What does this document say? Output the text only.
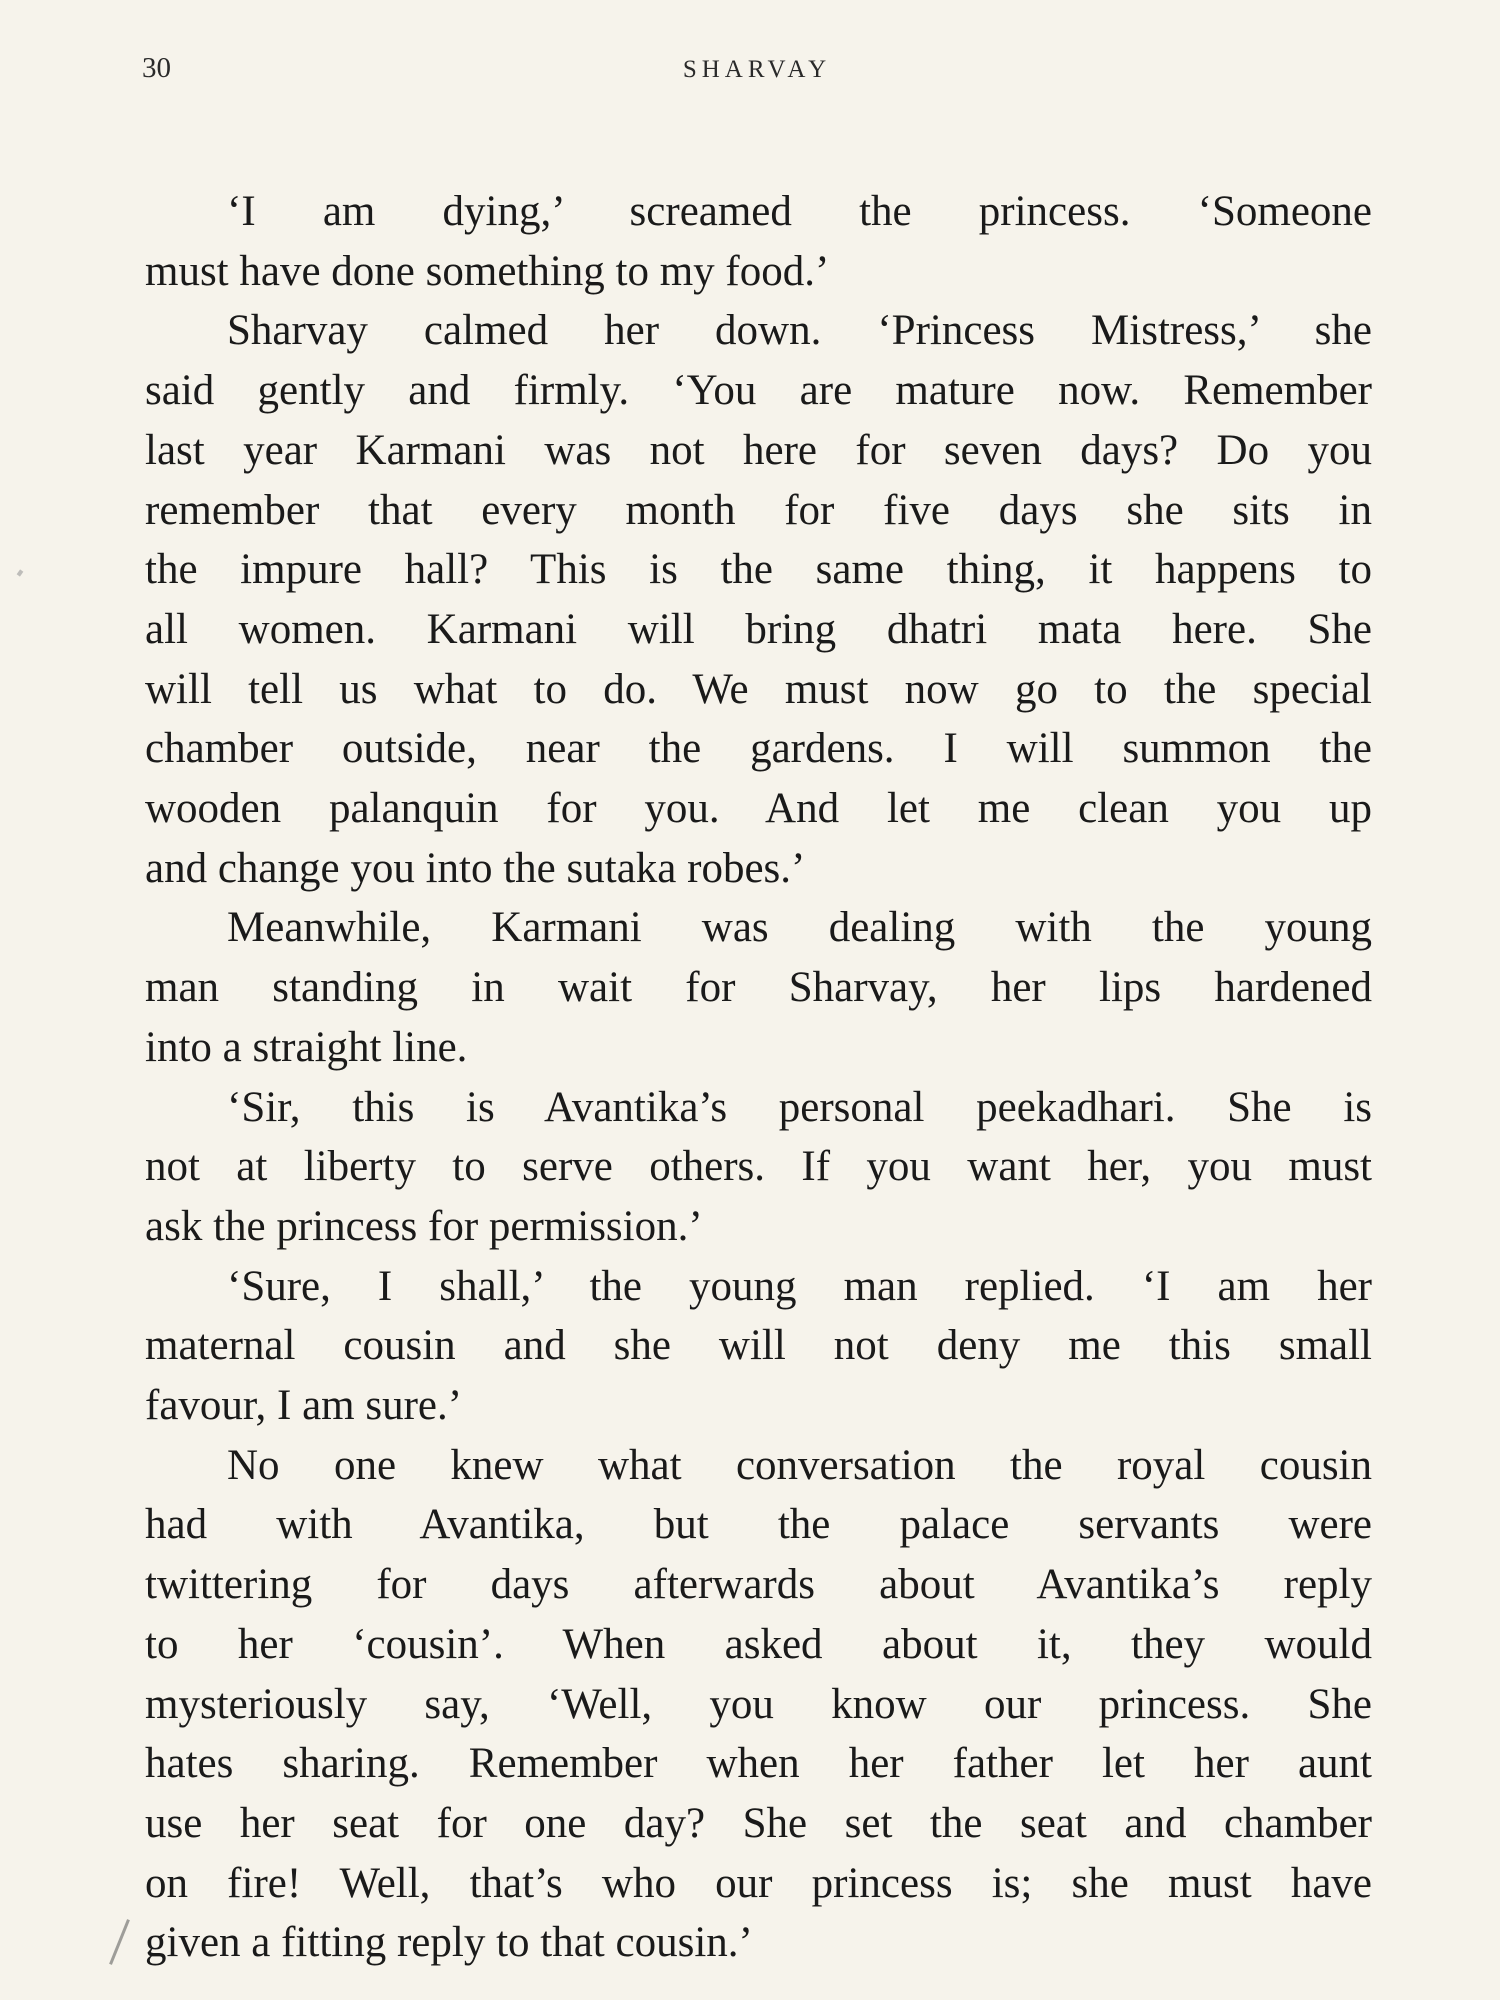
30	SHARVAY

‘I am dying,’ screamed the princess. ‘Someone
must have done something to my food.’

Sharvay calmed her down. ‘Princess Mistress,’ she
said gently and firmly. ‘You are mature now. Remember
last year Karmani was not here for seven days? Do you
remember that every month for five days she sits in
the impure hall? This is the same thing, it happens to
all women. Karmani will bring dhatri mata here. She
will tell us what to do. We must now go to the special
chamber outside, near the gardens. I will summon the
wooden palanquin for you. And let me clean you up
and change you into the sutaka robes.’

Meanwhile, Karmani was dealing with the young
man standing in wait for Sharvay, her lips hardened
into a straight line.

‘Sir, this is Avantika’s personal peekadhari. She is
not at liberty to serve others. If you want her, you must
ask the princess for permission.’

‘Sure, I shall,’ the young man replied. ‘I am her
maternal cousin and she will not deny me this small
favour, I am sure.’

No one knew what conversation the royal cousin
had with Avantika, but the palace servants were
twittering for days afterwards about Avantika’s reply
to her ‘cousin’. When asked about it, they would
mysteriously say, ‘Well, you know our princess. She
hates sharing. Remember when her father let her aunt
use her seat for one day? She set the seat and chamber
on fire! Well, that’s who our princess is; she must have
given a fitting reply to that cousin.’
